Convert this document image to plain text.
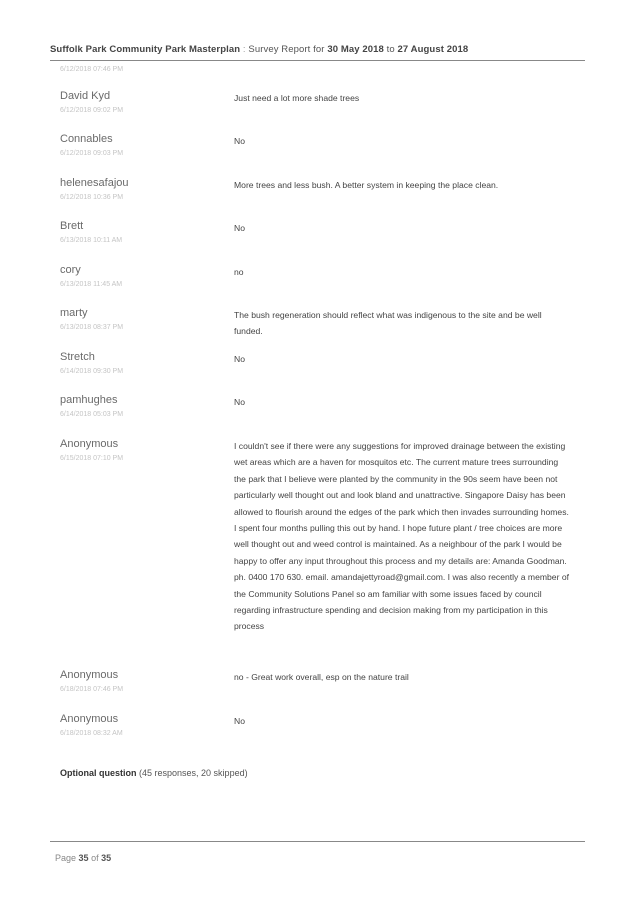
Suffolk Park Community Park Masterplan : Survey Report for 30 May 2018 to 27 August 2018
6/12/2018 07:46 PM
David Kyd
6/12/2018 09:02 PM
Just need a lot more shade trees
Connables
6/12/2018 09:03 PM
No
helenesafajou
6/12/2018 10:36 PM
More trees and less bush. A better system in keeping the place clean.
Brett
6/13/2018 10:11 AM
No
cory
6/13/2018 11:45 AM
no
marty
6/13/2018 08:37 PM
The bush regeneration should reflect what was indigenous to the site and be well funded.
Stretch
6/14/2018 09:30 PM
No
pamhughes
6/14/2018 05:03 PM
No
Anonymous
6/15/2018 07:10 PM
I couldn't see if there were any suggestions for improved drainage between the existing wet areas which are a haven for mosquitos etc. The current mature trees surrounding the park that I believe were planted by the community in the 90s seem have been not particularly well thought out and look bland and unattractive. Singapore Daisy has been allowed to flourish around the edges of the park which then invades surrounding homes. I spent four months pulling this out by hand. I hope future plant / tree choices are more well thought out and weed control is maintained. As a neighbour of the park I would be happy to offer any input throughout this process and my details are: Amanda Goodman. ph. 0400 170 630. email. amandajettyroad@gmail.com. I was also recently a member of the Community Solutions Panel so am familiar with some issues faced by council regarding infrastructure spending and decision making from my participation in this process
Anonymous
6/18/2018 07:46 PM
no - Great work overall, esp on the nature trail
Anonymous
6/18/2018 08:32 AM
No
Optional question (45 responses, 20 skipped)
Page 35 of 35
